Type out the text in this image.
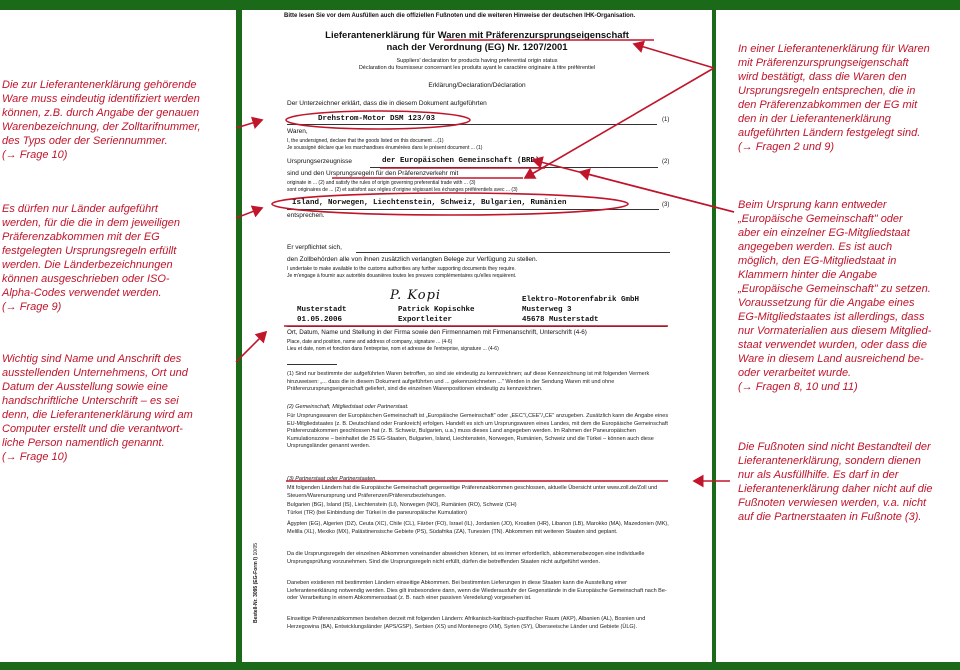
Die zur Lieferantenerklärung gehörende
Ware muss eindeutig identifiziert werden
können, z.B. durch Angabe der genauen
Warenbezeichnung, der Zolltarifnummer,
des Typs oder der Seriennummer.
(→ Frage 10)
Es dürfen nur Länder aufgeführt
werden, für die die in dem jeweiligen
Präferenzabkommen mit der EG
festgelegten Ursprungsregeln erfüllt
werden. Die Länderbezeichnungen
können ausgeschrieben oder ISO-
Alpha-Codes verwendet werden.
(→ Frage 9)
Wichtig sind Name und Anschrift des
ausstellenden Unternehmens, Ort und
Datum der Ausstellung sowie eine
handschriftliche Unterschrift – es sei
denn, die Lieferantenerklärung wird am
Computer erstellt und die verantwort-
liche Person namentlich genannt.
(→ Frage 10)
In einer Lieferantenerklärung für Waren
mit Präferenzursprungseigenschaft
wird bestätigt, dass die Waren den
Ursprungsregeln entsprechen, die in
den Präferenzabkommen der EG mit
den in der Lieferantenerklärung
aufgeführten Ländern festgelegt sind.
(→ Fragen 2 und 9)
Beim Ursprung kann entweder
„Europäische Gemeinschaft" oder
aber ein einzelner EG-Mitgliedstaat
angegeben werden. Es ist auch
möglich, den EG-Mitgliedstaat in
Klammern hinter die Angabe
„Europäische Gemeinschaft" zu setzen.
Voraussetzung für die Angabe eines
EG-Mitgliedstaates ist allerdings, dass
nur Vormaterialien aus diesem Mitglied-
staat verwendet wurden, oder dass die
Ware in diesem Land ausreichend be-
oder verarbeitet wurde.
(→ Fragen 8, 10 und 11)
Die Fußnoten sind nicht Bestandteil der
Lieferantenerklärung, sondern dienen
nur als Ausfüllhilfe. Es darf in der
Lieferantenerklärung daher nicht auf die
Fußnoten verwiesen werden, v.a. nicht
auf die Partnerstaaten in Fußnote (3).
Bitte lesen Sie vor dem Ausfüllen auch die offiziellen Fußnoten und die weiteren Hinweise der deutschen IHK-Organisation.
Lieferantenerklärung für Waren mit Präferenzursprungseigenschaft
nach der Verordnung (EG) Nr. 1207/2001
Suppliers' declaration for products having preferential origin status
Déclaration du fournisseur concernant les produits ayant le caractère originaire à titre préférentiel
Erklärung/Declaration/Déclaration
Der Unterzeichner erklärt, dass die in diesem Dokument aufgeführten
Drehstrom-Motor DSM 123/03	(1)
Waren,
I, the undersigned, declare that the goods listed on this document ...(1)
Je soussigné déclare que les marchandises énumérées dans le présent document ... (1)
Ursprungserzeugnisse	der Europäischen Gemeinschaft (BRD)	(2)
sind und den Ursprungsregeln für den Präferenzverkehr mit
originate in ... (2) and satisfy the rules of origin governing preferential trade with ... (3)
sont originaires de ... (2) et satisfont aux règles d'origine régissant les échanges préférentiels avec ... (3)
Island, Norwegen, Liechtenstein, Schweiz, Bulgarien, Rumänien	(3)
entsprechen.
Er verpflichtet sich,
den Zollbehörden alle von ihnen zusätzlich verlangten Belege zur Verfügung zu stellen.
I undertake to make available to the customs authorities any further supporting documents they require.
Je m'engage à fournir aux autorités douanières toutes les preuves complémentaires qu'elles requièrent.
P. Kopi	Elektro-Motorenfabrik GmbH
Musterstadt	Patrick Kopischke	Musterweg 3
01.05.2006	Exportleiter	45678 Musterstadt
Ort, Datum, Name und Stellung in der Firma sowie den Firmennamen mit Firmenanschrift, Unterschrift (4-6)
Place, date and position, name and address of company, signature ... (4-6)
Lieu et date, nom et fonction dans l'entreprise, nom et adresse de l'entreprise, signature ... (4-6)

(1) Sind nur bestimmte der aufgeführten Waren betroffen, so sind sie eindeutig zu kennzeichnen; auf diese Kennzeichnung ist mit folgenden Vermerk hinzuweisen: „... dass die in diesem Dokument aufgeführten und ... gekennzeichneten ..." Werden in der Sendung Waren mit und ohne Präferenzursprungseigenschaft geliefert, sind die einzelnen Warenpositionen eindeutig zu kennzeichnen.

(2) Gemeinschaft, Mitgliedstaat oder Partnerstaat.

Für Ursprungswaren der Europäischen Gemeinschaft ist „Europäische Gemeinschaft" oder „EEC"/„CEE"/„CE" anzugeben. Zusätzlich kann die Angabe eines EU-Mitgliedstaates (z. B. Deutschland oder Frankreich) erfolgen. Handelt es sich um Ursprungswaren eines Landes, mit dem die Europäische Gemeinschaft Präferenzabkommen geschlossen hat (z. B. Schweiz, Bulgarien, u.a.) muss dieses Land angegeben werden. Im Rahmen der Paneuropäischen Kumulationszone – beinhaltet die 25 EG-Staaten, Bulgarien, Island, Liechtenstein, Norwegen, Rumänien, Schweiz und die Türkei – können auch diese Ursprungsländer genannt werden.

(3) Partnerstaat oder Partnerstaaten.

Mit folgenden Ländern hat die Europäische Gemeinschaft gegenseitige Präferenzabkommen geschlossen, aktuelle Übersicht unter www.zoll.de/Zoll und Steuern/Warenursprung und Präferenzen/Präferenzbeziehungen.

Bulgarien (BG), Island (IS), Liechtenstein (LI), Norwegen (NO), Rumänien (RO), Schweiz (CH)

Türkei (TR) (bei Einbindung der Türkei in die paneuropäische Kumulation)

Ägypten (EG), Algerien (DZ), Ceuta (XC), Chile (CL), Färöer (FO), Israel (IL), Jordanien (JO), Kroatien (HR), Libanon (LB), Marokko (MA), Mazedonien (MK), Melilla (XL), Mexiko (MX), Palästinensische Gebiete (PS), Südafrika (ZA), Tunesien (TN). Abkommen mit weiteren Staaten sind geplant.

Da die Ursprungsregeln der einzelnen Abkommen voneinander abweichen können, ist es immer erforderlich, abkommensbezogen eine individuelle Ursprungsprüfung vorzunehmen. Sind die Ursprungsregeln nicht erfüllt, dürfen die betreffenden Staaten nicht aufgeführt werden.

Daneben existieren mit bestimmten Ländern einseitige Abkommen. Bei bestimmten Lieferungen in diese Staaten kann die Ausstellung einer Lieferantenerklärung notwendig werden. Dies gilt insbesondere dann, wenn die Wiederausfuhr der Gegenstände in die Europäische Gemeinschaft nach Be- oder Verarbeitung in einem Abkommensstaat (z. B. nach einer passiven Veredelung) vorgesehen ist.

Einseitige Präferenzabkommen bestehen derzeit mit folgenden Ländern: Afrikanisch-karibisch-pazifischer Raum (AKP), Albanien (AL), Bosnien und Herzegowina (BA), Entwicklungsländer (APS/GSP), Serbien (XS) und Montenegro (XM), Syrien (SY), Überseeische Länder und Gebiete (ÜLG).

Bestell-Nr. 3095 (EG-Form I) 10/05
